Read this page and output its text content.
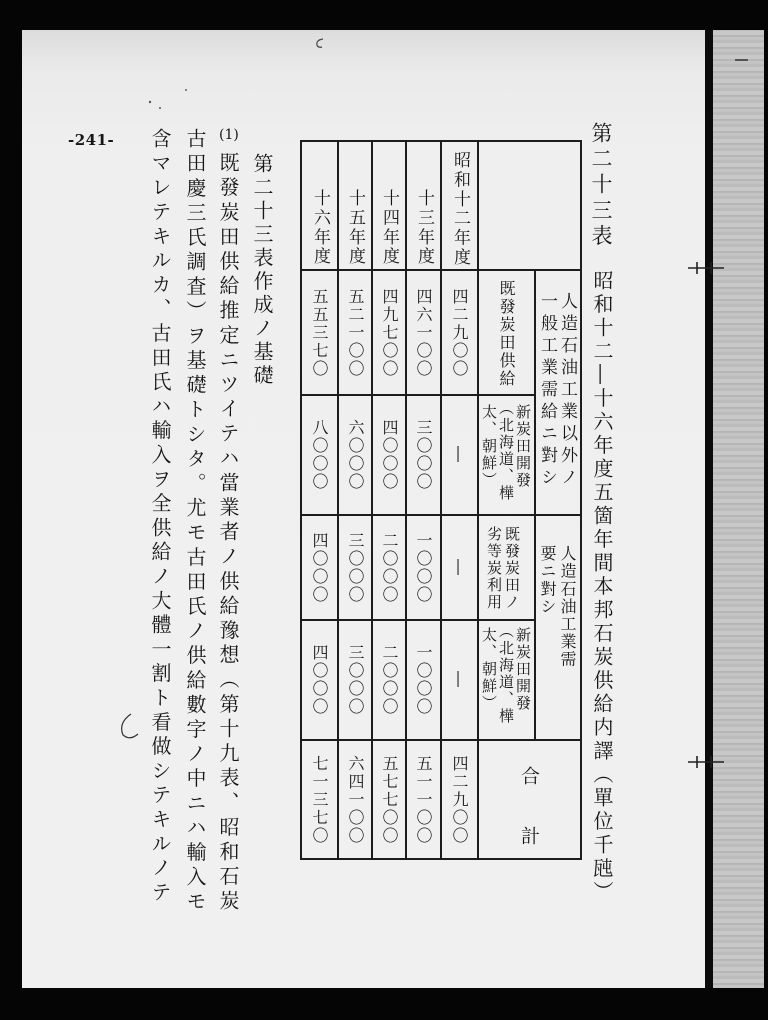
-241-	第二十三表
昭和十二―十六年度五箇年間本邦石炭供給内譯（單位千瓲）
人造石油工業以外ノ
一般工業需給ニ對シ
人造石油工業需
要ニ對シ
既發炭田供給
新炭田開發
（北海道、樺
太、朝鮮）
既發炭田ノ
劣等炭利用
新炭田開發
（北海道、樺
太、朝鮮）
合計
昭和十二年度
十三年度
十四年度
十五年度
十六年度
四二九〇〇
―
―
―
四二九〇〇
四六一〇〇
三〇〇〇
一〇〇〇
一〇〇〇
五一一〇〇
四九七〇〇
四〇〇〇
二〇〇〇
二〇〇〇
五七七〇〇
五二一〇〇
六〇〇〇
三〇〇〇
三〇〇〇
六四一〇〇
五五三七〇
八〇〇〇
四〇〇〇
四〇〇〇
七一三七〇
第二十三表作成ノ基礎
(1)
既發炭田供給推定ニツイテハ當業者ノ供給豫想（第十九表、昭和石炭
古田慶三氏調査）ヲ基礎トシタ。尤モ古田氏ノ供給數字ノ中ニハ輸入モ
含マレテキルカ、古田氏ハ輸入ヲ全供給ノ大體一割ト看做シテキルノテ
